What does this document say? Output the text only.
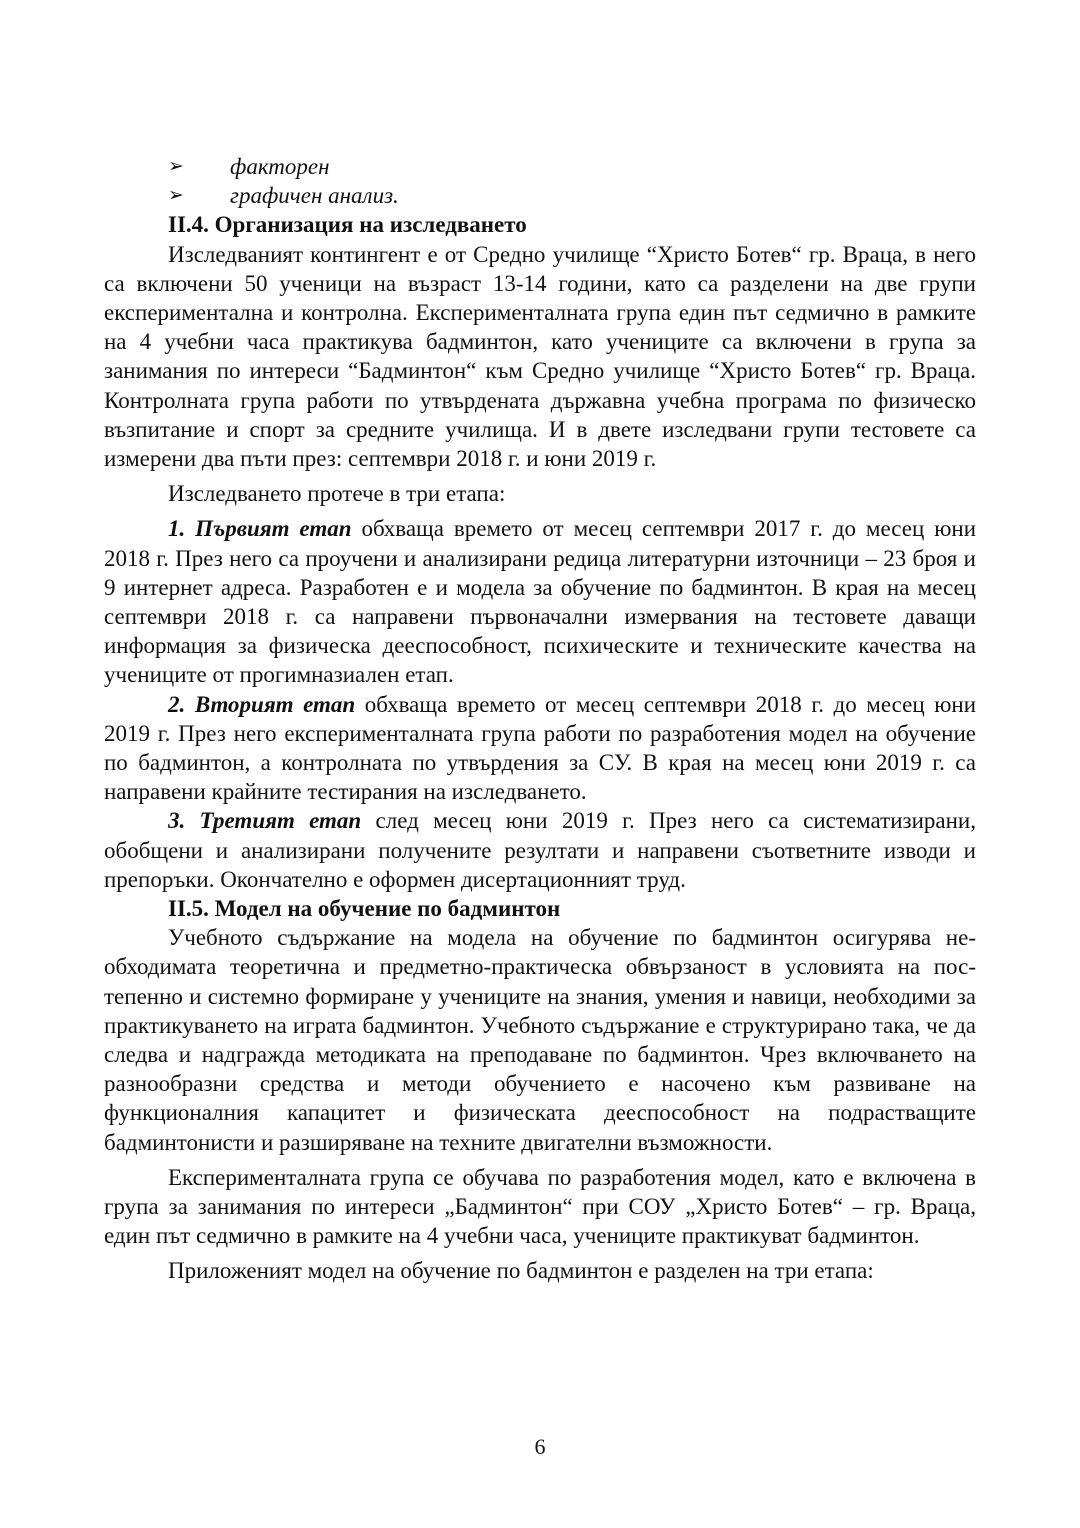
➢ факторен
➢ графичен анализ.
II.4. Организация на изследването

Изследваният контингент е от Средно училище “Христо Ботев“ гр. Враца, в него са включени 50 ученици на възраст 13-14 години, като са разделени на две групи експериментална и контролна. Експерименталната група един път седмично в рамките на 4 учебни часа практикува бадминтон, като учениците са включени в група за занимания по интереси “Бадминтон“ към Средно училище “Христо Ботев“ гр. Враца. Контролната група работи по утвърдената държавна учебна програма по физическо възпитание и спорт за средните училища. И в двете изследвани групи тестовете са измерени два пъти през: септември 2018 г. и юни 2019 г.

Изследването протече в три етапа:

1. Първият етап обхваща времето от месец септември 2017 г. до месец юни 2018 г. През него са проучени и анализирани редица литературни източници – 23 броя и 9 интернет адреса. Разработен е и модела за обучение по бадминтон. В края на месец септември 2018 г. са направени първоначални измервания на тестовете даващи информация за физическа дееспособност, психическите и техническите качества на учениците от прогимназиален етап.

2. Вторият етап обхваща времето от месец септември 2018 г. до месец юни 2019 г. През него експерименталната група работи по разработения модел на обучение по бадминтон, а контролната по утвърдения за СУ. В края на месец юни 2019 г. са направени крайните тестирания на изследването.

3. Третият етап след месец юни 2019 г. През него са систематизирани, обобщени и анализирани получените резултати и направени съответните изводи и препоръки. Окончателно е оформен дисертационният труд.

II.5. Модел на обучение по бадминтон

Учебното съдържание на модела на обучение по бадминтон осигурява необходимата теоретична и предметно-практическа обвързаност в условията на постепенно и системно формиране у учениците на знания, умения и навици, необходими за практикуването на играта бадминтон. Учебното съдържание е структурирано така, че да следва и надгражда методиката на преподаване по бадминтон. Чрез включването на разнообразни средства и методи обучението е насочено към развиване на функционалния капацитет и физическата дееспособност на подрастващите бадминтонисти и разширяване на техните двигателни възможности.

Експерименталната група се обучава по разработения модел, като е включена в група за занимания по интереси „Бадминтон“ при СОУ „Христо Ботев“ – гр. Враца, един път седмично в рамките на 4 учебни часа, учениците практикуват бадминтон.

Приложеният модел на обучение по бадминтон е разделен на три етапа:

6
